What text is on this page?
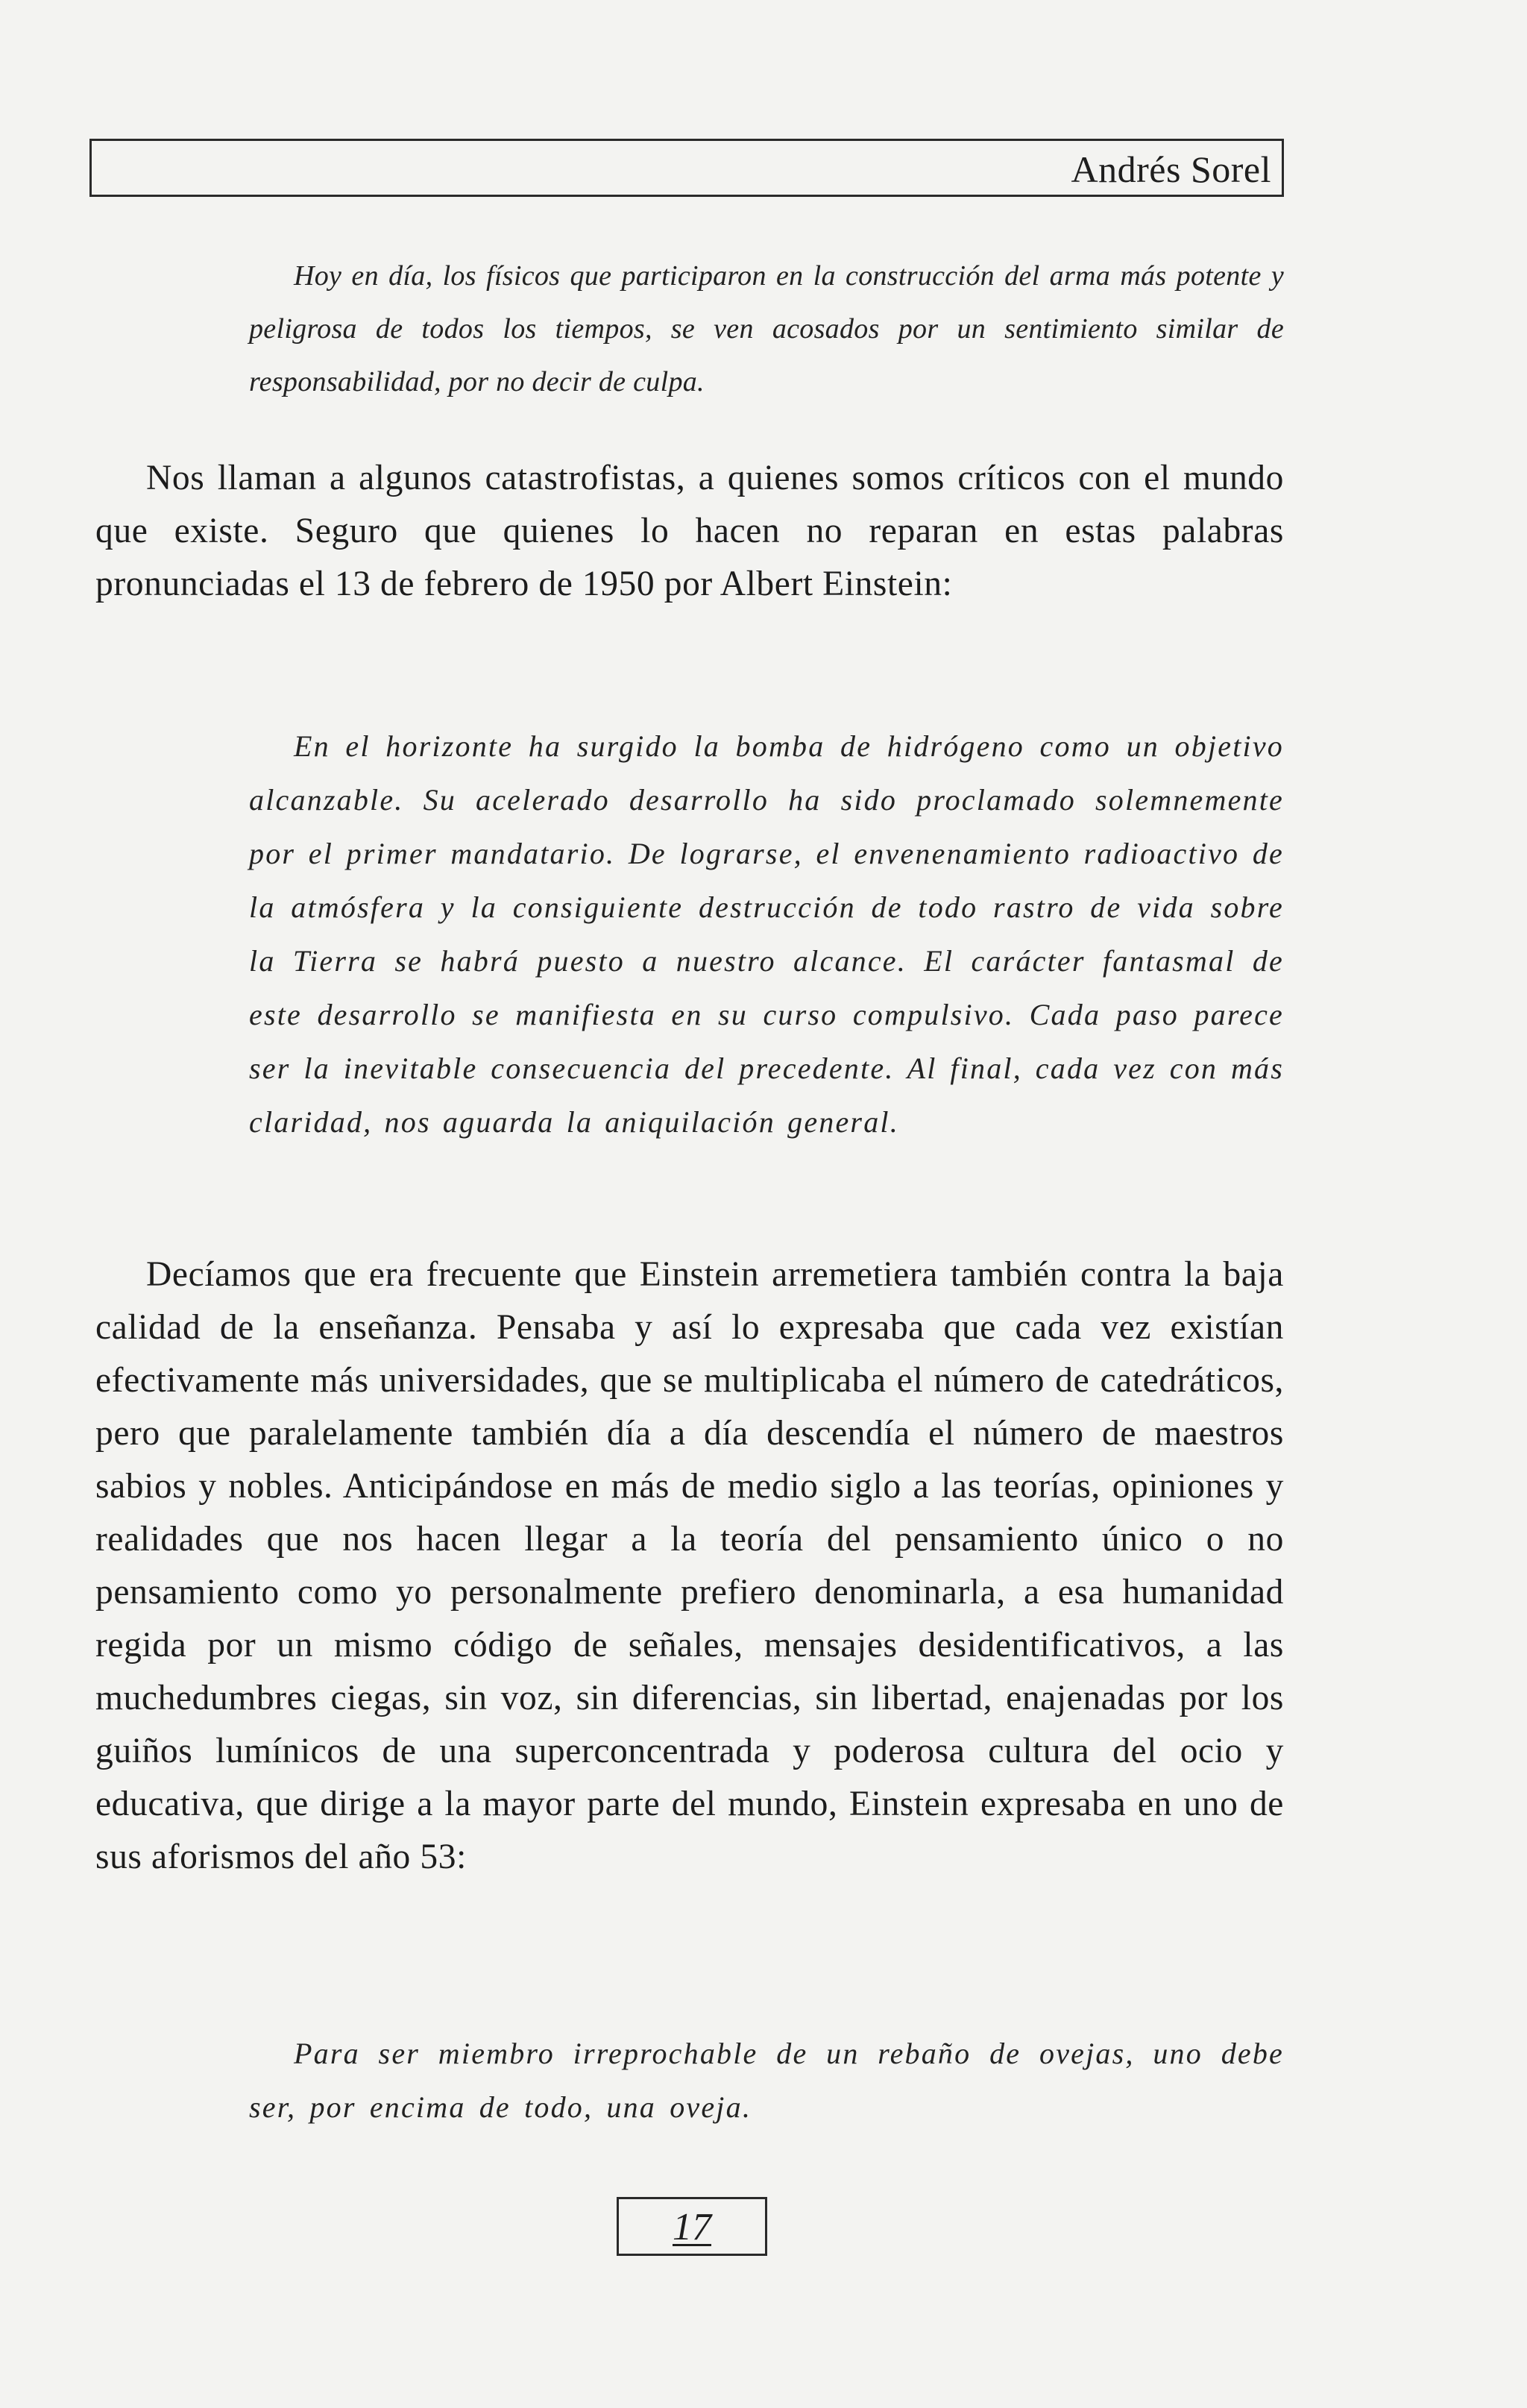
Andrés Sorel

Hoy en día, los físicos que participaron en la construcción del arma más potente y peligrosa de todos los tiempos, se ven acosados por un sentimiento similar de responsabilidad, por no decir de culpa.

Nos llaman a algunos catastrofistas, a quienes somos críticos con el mundo que existe. Seguro que quienes lo hacen no reparan en estas palabras pronunciadas el 13 de febrero de 1950 por Albert Einstein:

En el horizonte ha surgido la bomba de hidrógeno como un objetivo alcanzable. Su acelerado desarrollo ha sido proclamado solemnemente por el primer mandatario. De lograrse, el envenenamiento radioactivo de la atmósfera y la consiguiente destrucción de todo rastro de vida sobre la Tierra se habrá puesto a nuestro alcance. El carácter fantasmal de este desarrollo se manifiesta en su curso compulsivo. Cada paso parece ser la inevitable consecuencia del precedente. Al final, cada vez con más claridad, nos aguarda la aniquilación general.

Decíamos que era frecuente que Einstein arremetiera también contra la baja calidad de la enseñanza. Pensaba y así lo expresaba que cada vez existían efectivamente más universidades, que se multiplicaba el número de catedráticos, pero que paralelamente también día a día descendía el número de maestros sabios y nobles. Anticipándose en más de medio siglo a las teorías, opiniones y realidades que nos hacen llegar a la teoría del pensamiento único o no pensamiento como yo personalmente prefiero denominarla, a esa humanidad regida por un mismo código de señales, mensajes desidentificativos, a las muchedumbres ciegas, sin voz, sin diferencias, sin libertad, enajenadas por los guiños lumínicos de una superconcentrada y poderosa cultura del ocio y educativa, que dirige a la mayor parte del mundo, Einstein expresaba en uno de sus aforismos del año 53:

Para ser miembro irreprochable de un rebaño de ovejas, uno debe ser, por encima de todo, una oveja.

17
